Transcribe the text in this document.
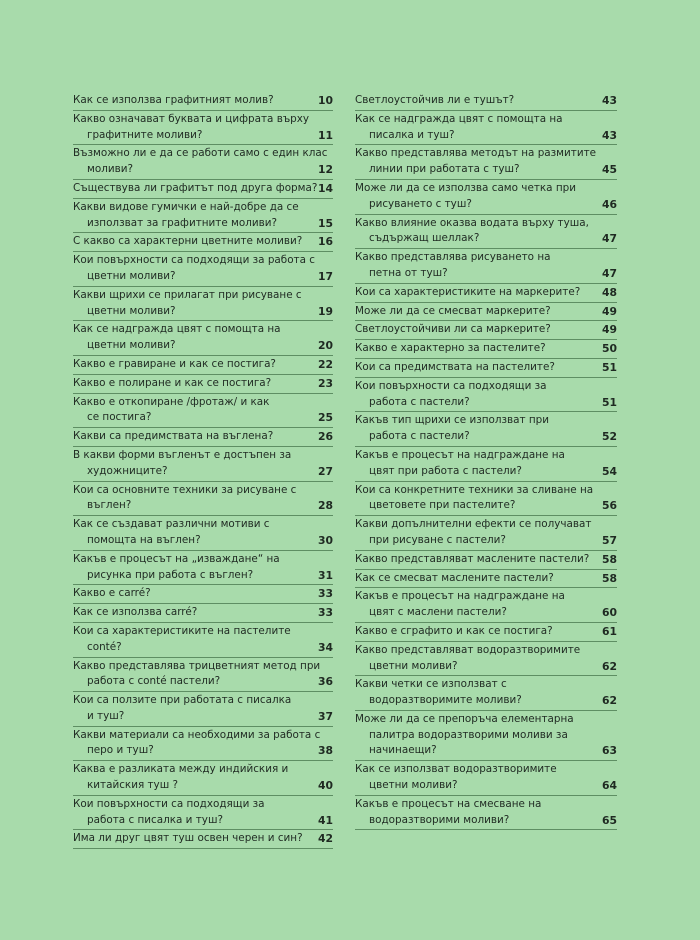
Как се използва графитният молив?	10
Какво означават буквата и цифрата върху
графитните моливи?	11
Възможно ли е да се работи само с един клас
моливи?	12
Съществува ли графитът под друга форма? 14
Какви видове гумички е най-добре да се
използват за графитните моливи?	15
С какво са характерни цветните моливи?	16
Кои повърхности са подходящи за работа с
цветни моливи?	17
Какви щрихи се прилагат при рисуване с
цветни моливи?	19
Как се надгражда цвят с помощта на
цветни моливи?	20
Какво е гравиране и как се постига?	22
Какво е полиране и как се постига?	23
Какво е откопиране /фротаж/ и как
се постига?	25
Какви са предимствата на въглена?	26
В какви форми въгленът е достъпен за
художниците?	27
Кои са основните техники за рисуване с
въглен?	28
Как се създават различни мотиви с
помощта на въглен?	30
Какъв е процесът на „изваждане“ на
рисунка при работа с въглен?	31
Какво е carré?	33
Как се използва carré?	33
Кои са характеристиките на пастелите
conté?	34
Какво представлява трицветният метод при
работа с conté пастели?	36
Кои са ползите при работата с писалка
и туш?	37
Какви материали са необходими за работа с
перо и туш?	38
Каква е разликата между индийския и
китайския туш ?	40
Кои повърхности са подходящи за
работа с писалка и туш?	41
Има ли друг цвят туш освен черен и син?	42
Светлоустойчив ли е тушът?	43
Как се надгражда цвят с помощта на
писалка и туш?	43
Какво представлява методът на размитите
линии при работата с туш?	45
Може ли да се използва само четка при
рисуването с туш?	46
Какво влияние оказва водата върху туша,
съдържащ шеллак?	47
Какво представлява рисуването на
петна от туш?	47
Кои са характеристиките на маркерите?	48
Може ли да се смесват маркерите?	49
Светлоустойчиви ли са маркерите?	49
Какво е характерно за пастелите?	50
Кои са предимствата на пастелите?	51
Кои повърхности са подходящи за
работа с пастели?	51
Какъв тип щрихи се използват при
работа с пастели?	52
Какъв е процесът на надграждане на
цвят при работа с пастели?	54
Кои са конкретните техники за сливане на
цветовете при пастелите?	56
Какви допълнителни ефекти се получават
при рисуване с пастели?	57
Какво представляват маслените пастели?	58
Как се смесват маслените пастели?	58
Какъв е процесът на надграждане на
цвят с маслени пастели?	60
Какво е сграфито и как се постига?	61
Какво представляват водоразтворимите
цветни моливи?	62
Какви четки се използват с
водоразтворимите моливи?	62
Може ли да се препоръча елементарна
палитра водоразтворими моливи за
начинаещи?	63
Как се използват водоразтворимите
цветни моливи?	64
Какъв е процесът на смесване на
водоразтворими моливи?	65
